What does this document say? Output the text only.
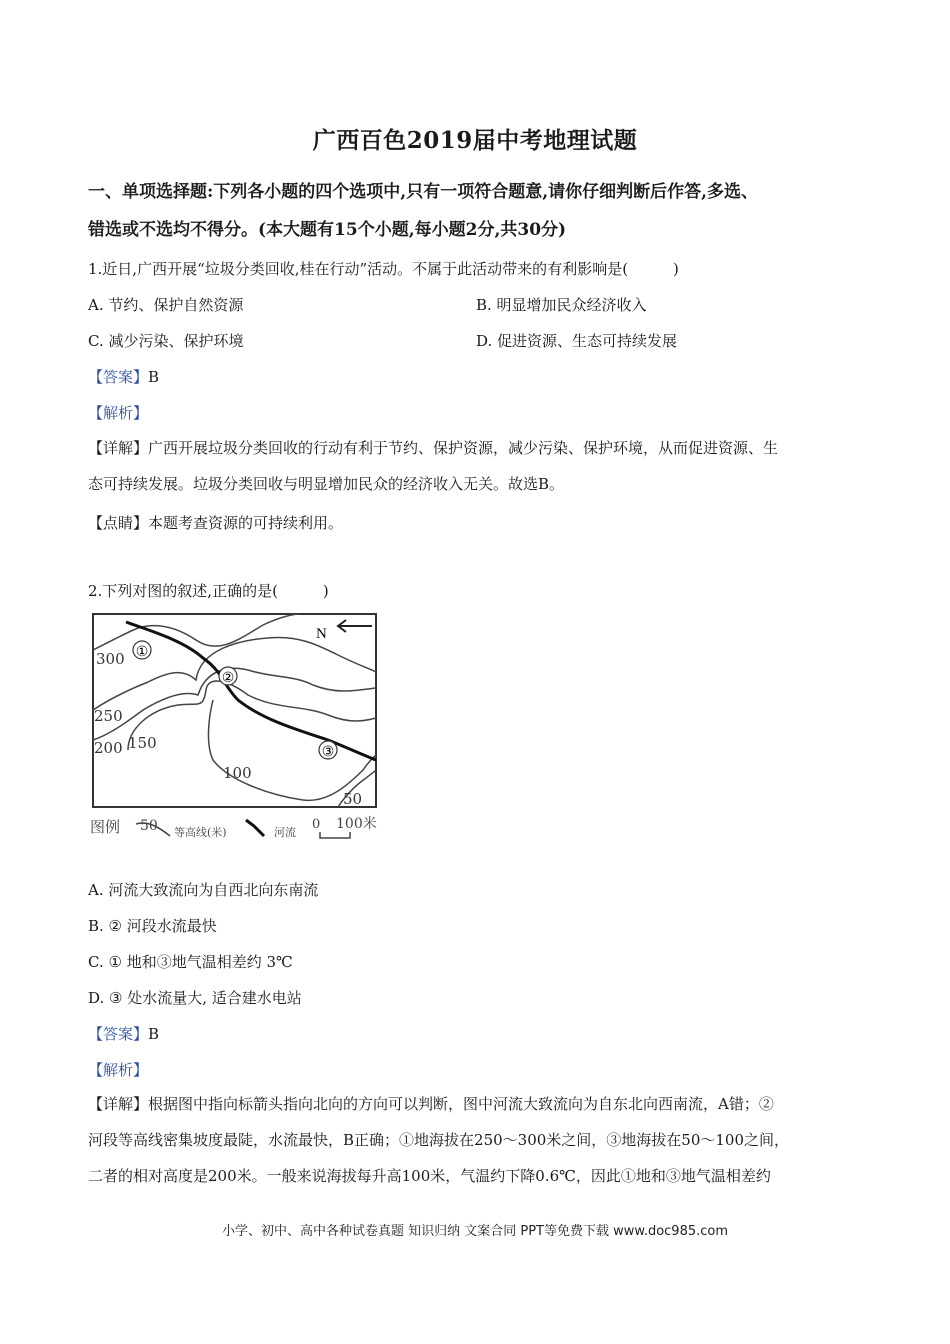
广西百色2019届中考地理试题
一、单项选择题:下列各小题的四个选项中,只有一项符合题意,请你仔细判断后作答,多选、
错选或不选均不得分。(本大题有15个小题,每小题2分,共30分)
1.近日,广西开展“垃圾分类回收,桂在行动”活动。不属于此活动带来的有利影响是(　　　)
A. 节约、保护自然资源	B. 明显增加民众经济收入
C. 减少污染、保护环境	D. 促进资源、生态可持续发展
【答案】B
【解析】
【详解】广西开展垃圾分类回收的行动有利于节约、保护资源，减少污染、保护环境，从而促进资源、生
态可持续发展。垃圾分类回收与明显增加民众的经济收入无关。故选B。
【点睛】本题考查资源的可持续利用。
2.下列对图的叙述,正确的是(　　　)
N
①
②
③
300
250
200 150
100
50
图例 50 等高线(米)	河流
0 100米
A. 河流大致流向为自西北向东南流
B. ② 河段水流最快
C. ① 地和③地气温相差约 3℃
D. ③ 处水流量大, 适合建水电站
【答案】B
【解析】
【详解】根据图中指向标箭头指向北向的方向可以判断，图中河流大致流向为自东北向西南流，A错；②
河段等高线密集坡度最陡，水流最快，B正确；①地海拔在250～300米之间，③地海拔在50～100之间，
二者的相对高度是200米。一般来说海拔每升高100米，气温约下降0.6℃，因此①地和③地气温相差约
小学、初中、高中各种试卷真题 知识归纳 文案合同 PPT等免费下载 www.doc985.com
